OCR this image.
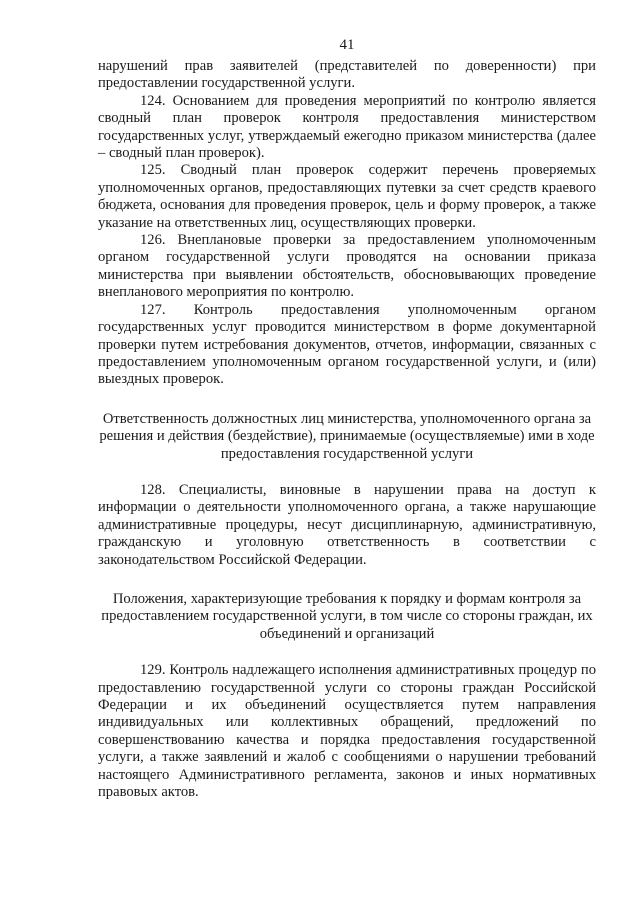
41

нарушений прав заявителей (представителей по доверенности) при предоставлении государственной услуги.

124. Основанием для проведения мероприятий по контролю является сводный план проверок контроля предоставления министерством государственных услуг, утверждаемый ежегодно приказом министерства (далее – сводный план проверок).

125. Сводный план проверок содержит перечень проверяемых уполномоченных органов, предоставляющих путевки за счет средств краевого бюджета, основания для проведения проверок, цель и форму проверок, а также указание на ответственных лиц, осуществляющих проверки.

126. Внеплановые проверки за предоставлением уполномоченным органом государственной услуги проводятся на основании приказа министерства при выявлении обстоятельств, обосновывающих проведение внепланового мероприятия по контролю.

127. Контроль предоставления уполномоченным органом государственных услуг проводится министерством в форме документарной проверки путем истребования документов, отчетов, информации, связанных с предоставлением уполномоченным органом государственной услуги, и (или) выездных проверок.

Ответственность должностных лиц министерства, уполномоченного органа за решения и действия (бездействие), принимаемые (осуществляемые) ими в ходе предоставления государственной услуги

128. Специалисты, виновные в нарушении права на доступ к информации о деятельности уполномоченного органа, а также нарушающие административные процедуры, несут дисциплинарную, административную, гражданскую и уголовную ответственность в соответствии с законодательством Российской Федерации.

Положения, характеризующие требования к порядку и формам контроля за предоставлением государственной услуги, в том числе со стороны граждан, их объединений и организаций

129. Контроль надлежащего исполнения административных процедур по предоставлению государственной услуги со стороны граждан Российской Федерации и их объединений осуществляется путем направления индивидуальных или коллективных обращений, предложений по совершенствованию качества и порядка предоставления государственной услуги, а также заявлений и жалоб с сообщениями о нарушении требований настоящего Административного регламента, законов и иных нормативных правовых актов.
